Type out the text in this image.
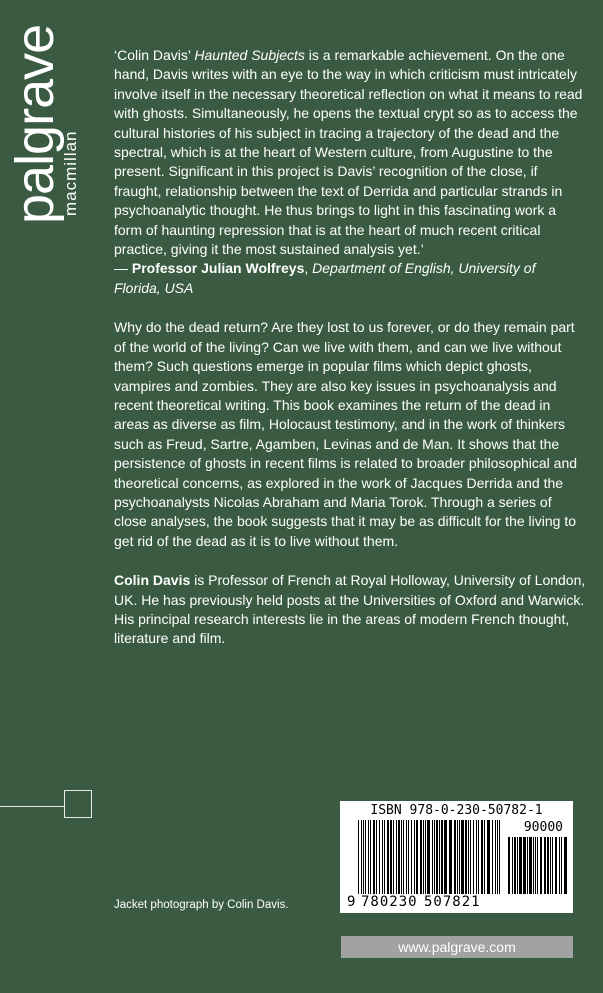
palgrave
macmillan

‘Colin Davis’ Haunted Subjects is a remarkable achievement. On the one hand, Davis writes with an eye to the way in which criticism must intricately involve itself in the necessary theoretical reflection on what it means to read with ghosts. Simultaneously, he opens the textual crypt so as to access the cultural histories of his subject in tracing a trajectory of the dead and the spectral, which is at the heart of Western culture, from Augustine to the present. Significant in this project is Davis’ recognition of the close, if fraught, relationship between the text of Derrida and particular strands in psychoanalytic thought. He thus brings to light in this fascinating work a form of haunting repression that is at the heart of much recent critical practice, giving it the most sustained analysis yet.’
— Professor Julian Wolfreys, Department of English, University of Florida, USA

Why do the dead return? Are they lost to us forever, or do they remain part of the world of the living? Can we live with them, and can we live without them? Such questions emerge in popular films which depict ghosts, vampires and zombies. They are also key issues in psychoanalysis and recent theoretical writing. This book examines the return of the dead in areas as diverse as film, Holocaust testimony, and in the work of thinkers such as Freud, Sartre, Agamben, Levinas and de Man. It shows that the persistence of ghosts in recent films is related to broader philosophical and theoretical concerns, as explored in the work of Jacques Derrida and the psychoanalysts Nicolas Abraham and Maria Torok. Through a series of close analyses, the book suggests that it may be as difficult for the living to get rid of the dead as it is to live without them.

Colin Davis is Professor of French at Royal Holloway, University of London, UK. He has previously held posts at the Universities of Oxford and Warwick. His principal research interests lie in the areas of modern French thought, literature and film.

ISBN 978-0-230-50782-1
90000
9 780230 507821
Jacket photograph by Colin Davis.
www.palgrave.com
